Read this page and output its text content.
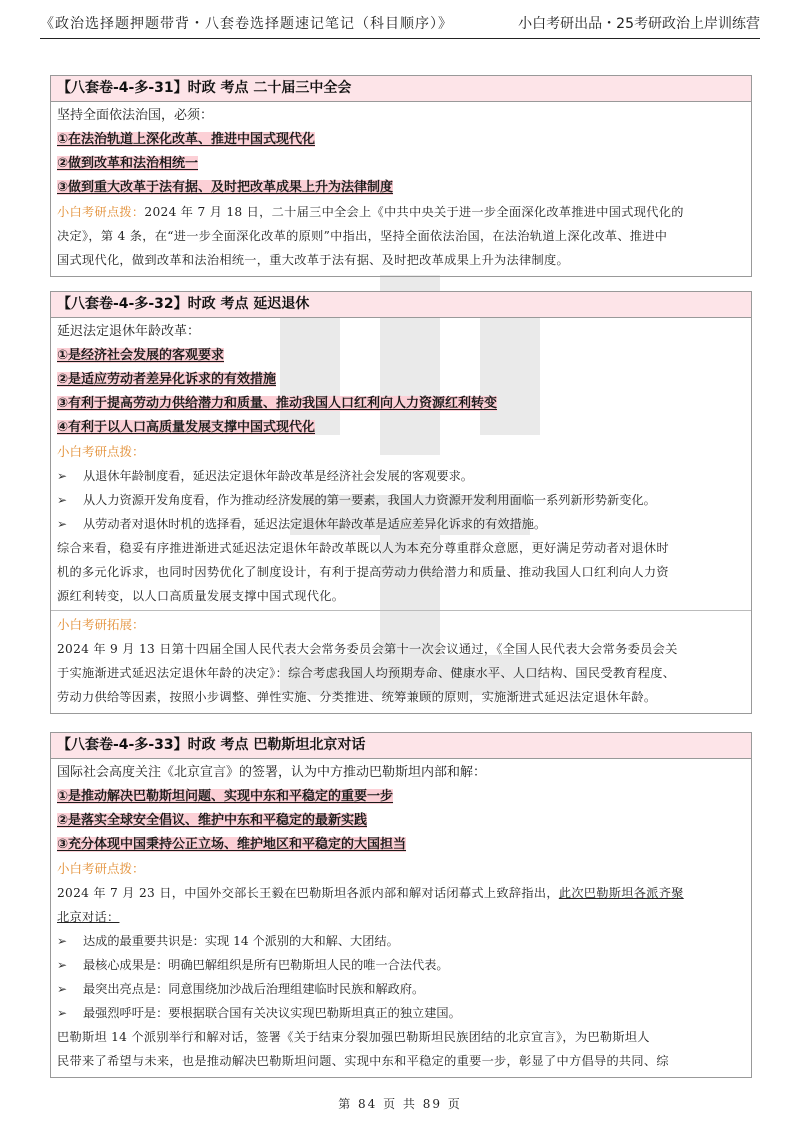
《政治选择题押题带背・八套卷选择题速记笔记（科目顺序）》	小白考研出品・25考研政治上岸训练营
【八套卷-4-多-31】时政 考点 二十届三中全会
坚持全面依法治国，必须：
①在法治轨道上深化改革、推进中国式现代化
②做到改革和法治相统一
③做到重大改革于法有据、及时把改革成果上升为法律制度
小白考研点拨：2024 年 7 月 18 日，二十届三中全会上《中共中央关于进一步全面深化改革推进中国式现代化的
决定》，第 4 条，在“进一步全面深化改革的原则”中指出，坚持全面依法治国，在法治轨道上深化改革、推进中
国式现代化，做到改革和法治相统一，重大改革于法有据、及时把改革成果上升为法律制度。
【八套卷-4-多-32】时政 考点 延迟退休
延迟法定退休年龄改革：
①是经济社会发展的客观要求
②是适应劳动者差异化诉求的有效措施
③有利于提高劳动力供给潜力和质量、推动我国人口红利向人力资源红利转变
④有利于以人口高质量发展支撑中国式现代化
小白考研点拨：
➢ 从退休年龄制度看，延迟法定退休年龄改革是经济社会发展的客观要求。
➢ 从人力资源开发角度看，作为推动经济发展的第一要素，我国人力资源开发利用面临一系列新形势新变化。
➢ 从劳动者对退休时机的选择看，延迟法定退休年龄改革是适应差异化诉求的有效措施。
综合来看，稳妥有序推进渐进式延迟法定退休年龄改革既以人为本充分尊重群众意愿，更好满足劳动者对退休时
机的多元化诉求，也同时因势优化了制度设计，有利于提高劳动力供给潜力和质量、推动我国人口红利向人力资
源红利转变，以人口高质量发展支撑中国式现代化。
小白考研拓展：
2024 年 9 月 13 日第十四届全国人民代表大会常务委员会第十一次会议通过，《全国人民代表大会常务委员会关
于实施渐进式延迟法定退休年龄的决定》：综合考虑我国人均预期寿命、健康水平、人口结构、国民受教育程度、
劳动力供给等因素，按照小步调整、弹性实施、分类推进、统筹兼顾的原则，实施渐进式延迟法定退休年龄。
【八套卷-4-多-33】时政 考点 巴勒斯坦北京对话
国际社会高度关注《北京宣言》的签署，认为中方推动巴勒斯坦内部和解：
①是推动解决巴勒斯坦问题、实现中东和平稳定的重要一步
②是落实全球安全倡议、维护中东和平稳定的最新实践
③充分体现中国秉持公正立场、维护地区和平稳定的大国担当
小白考研点拨：
2024 年 7 月 23 日，中国外交部长王毅在巴勒斯坦各派内部和解对话闭幕式上致辞指出，此次巴勒斯坦各派齐聚
北京对话：
➢ 达成的最重要共识是：实现 14 个派别的大和解、大团结。
➢ 最核心成果是：明确巴解组织是所有巴勒斯坦人民的唯一合法代表。
➢ 最突出亮点是：同意围绕加沙战后治理组建临时民族和解政府。
➢ 最强烈呼吁是：要根据联合国有关决议实现巴勒斯坦真正的独立建国。
巴勒斯坦 14 个派别举行和解对话，签署《关于结束分裂加强巴勒斯坦民族团结的北京宣言》，为巴勒斯坦人
民带来了希望与未来，也是推动解决巴勒斯坦问题、实现中东和平稳定的重要一步，彰显了中方倡导的共同、综
第 84 页 共 89 页
